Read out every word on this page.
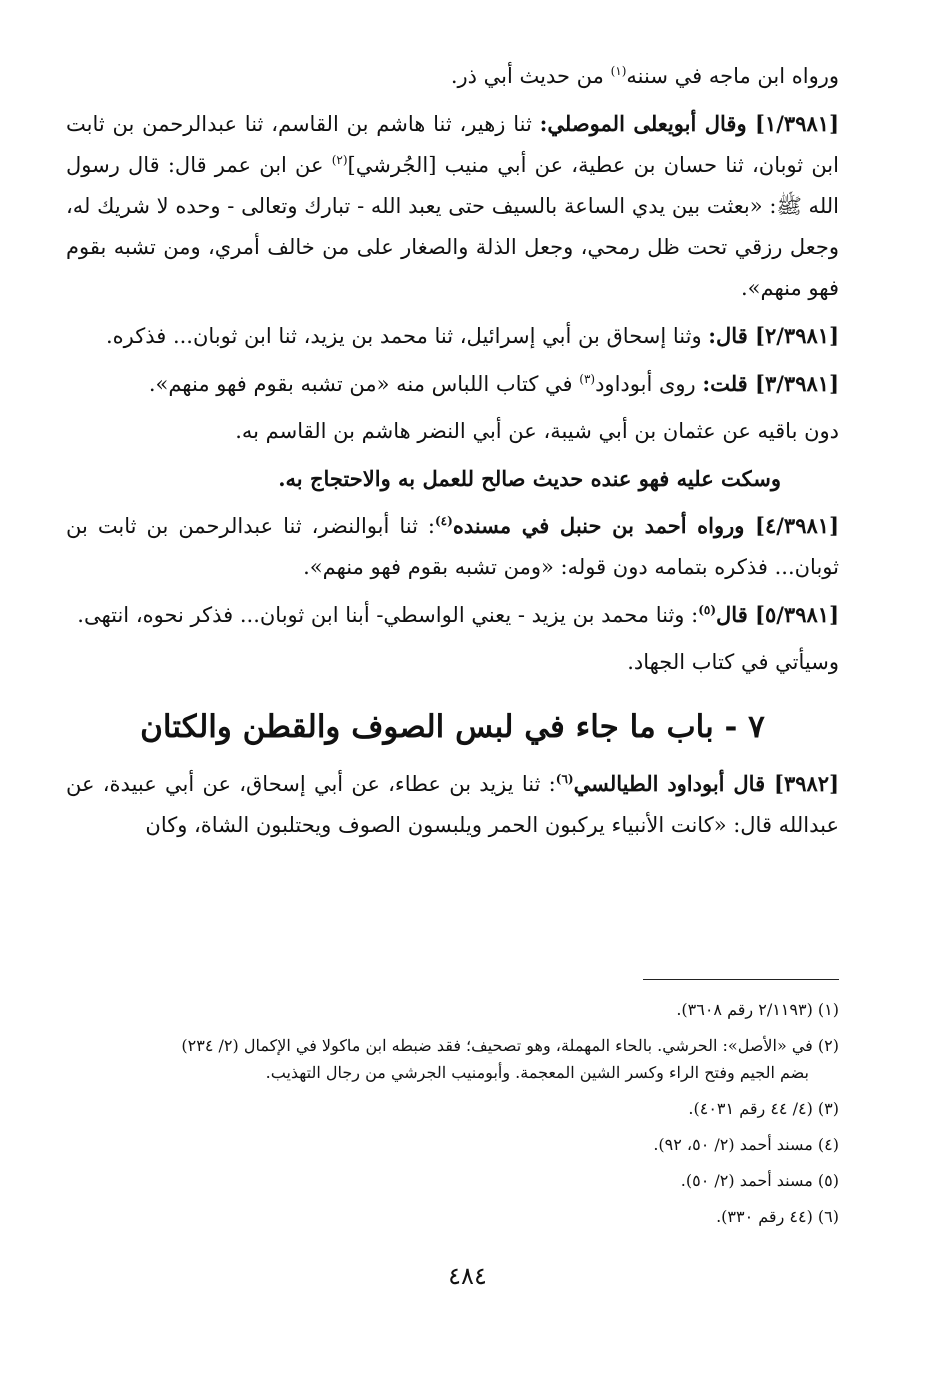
ورواه ابن ماجه في سننه$^{(١)}$ من حديث أبي ذر.

[١/٣٩٨١] وقال أبويعلى الموصلي: ثنا زهير، ثنا هاشم بن القاسم، ثنا عبدالرحمن بن ثابت ابن ثوبان، ثنا حسان بن عطية، عن أبي منيب [الجُرشي]$^{(٢)}$ عن ابن عمر قال: قال رسول الله ﷺ: «بعثت بين يدي الساعة بالسيف حتى يعبد الله - تبارك وتعالى - وحده لا شريك له، وجعل رزقي تحت ظل رمحي، وجعل الذلة والصغار على من خالف أمري، ومن تشبه بقوم فهو منهم».

[٢/٣٩٨١] قال: وثنا إسحاق بن أبي إسرائيل، ثنا محمد بن يزيد، ثنا ابن ثوبان... فذكره.

[٣/٣٩٨١] قلت: روى أبوداود$^{(٣)}$ في كتاب اللباس منه «من تشبه بقوم فهو منهم».

دون باقيه عن عثمان بن أبي شيبة، عن أبي النضر هاشم بن القاسم به.

وسكت عليه فهو عنده حديث صالح للعمل به والاحتجاج به.

[٤/٣٩٨١] ورواه أحمد بن حنبل في مسنده$^{(٤)}$: ثنا أبوالنضر، ثنا عبدالرحمن بن ثابت بن ثوبان... فذكره بتمامه دون قوله: «ومن تشبه بقوم فهو منهم».

[٥/٣٩٨١] قال$^{(٥)}$: وثنا محمد بن يزيد - يعني الواسطي- أبنا ابن ثوبان... فذكر نحوه، انتهى.

وسيأتي في كتاب الجهاد.

٧ - باب ما جاء في لبس الصوف والقطن والكتان

[٣٩٨٢] قال أبوداود الطيالسي$^{(٦)}$: ثنا يزيد بن عطاء، عن أبي إسحاق، عن أبي عبيدة، عن عبدالله قال: «كانت الأنبياء يركبون الحمر ويلبسون الصوف ويحتلبون الشاة، وكان

(١) (٢/١١٩٣ رقم ٣٦٠٨).

(٢) في «الأصل»: الحرشي. بالحاء المهملة، وهو تصحيف؛ فقد ضبطه ابن ماكولا في الإكمال (٢/ ٢٣٤)

بضم الجيم وفتح الراء وكسر الشين المعجمة. وأبومنيب الجرشي من رجال التهذيب.

(٣) (٤/ ٤٤ رقم ٤٠٣١).

(٤) مسند أحمد (٢/ ٥٠، ٩٢).

(٥) مسند أحمد (٢/ ٥٠).

(٦) (٤٤ رقم ٣٣٠).

٤٨٤
